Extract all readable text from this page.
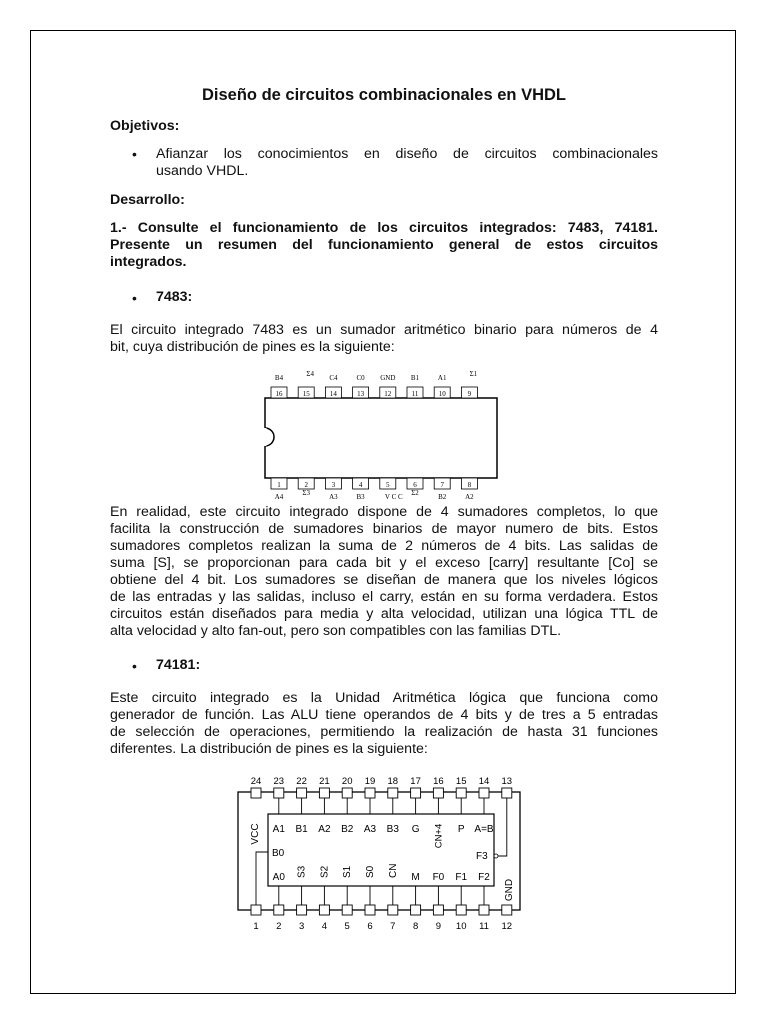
Diseño de circuitos combinacionales en VHDL
Objetivos:
• Afianzar los conocimientos en diseño de circuitos combinacionales
usando VHDL.
Desarrollo:
1.- Consulte el funcionamiento de los circuitos integrados: 7483, 74181.
Presente un resumen del funcionamiento general de estos circuitos
integrados.
• 7483:
El circuito integrado 7483 es un sumador aritmético binario para números de 4
bit, cuya distribución de pines es la siguiente:
16
B4
15
Σ4
14
C4
13
C0
12
GND
11
B1
10
A1
9
Σ1
1
A4
2
Σ3
3
A3
4
B3
5
V C C
6
Σ2
7
B2
8
A2
En realidad, este circuito integrado dispone de 4 sumadores completos, lo que
facilita la construcción de sumadores binarios de mayor numero de bits. Estos
sumadores completos realizan la suma de 2 números de 4 bits. Las salidas de
suma [S], se proporcionan para cada bit y el exceso [carry] resultante [Co] se
obtiene del 4 bit. Los sumadores se diseñan de manera que los niveles lógicos
de las entradas y las salidas, incluso el carry, están en su forma verdadera. Estos
circuitos están diseñados para media y alta velocidad, utilizan una lógica TTL de
alta velocidad y alto fan-out, pero son compatibles con las familias DTL.
• 74181:
Este circuito integrado es la Unidad Aritmética lógica que funciona como
generador de función. Las ALU tiene operandos de 4 bits y de tres a 5 entradas
de selección de operaciones, permitiendo la realización de hasta 31 funciones
diferentes. La distribución de pines es la siguiente:
24 23 22 21 20 19 18 17 16 15 14 13
1 2 3 4 5 6 7 8 9 10 11 12
A1 B1 A2 B2 A3 B3 G CN+4 P A=B
A0 S3 S2 S1 S0 CN M F0 F1 F2
VCC
GND
B0	F3
